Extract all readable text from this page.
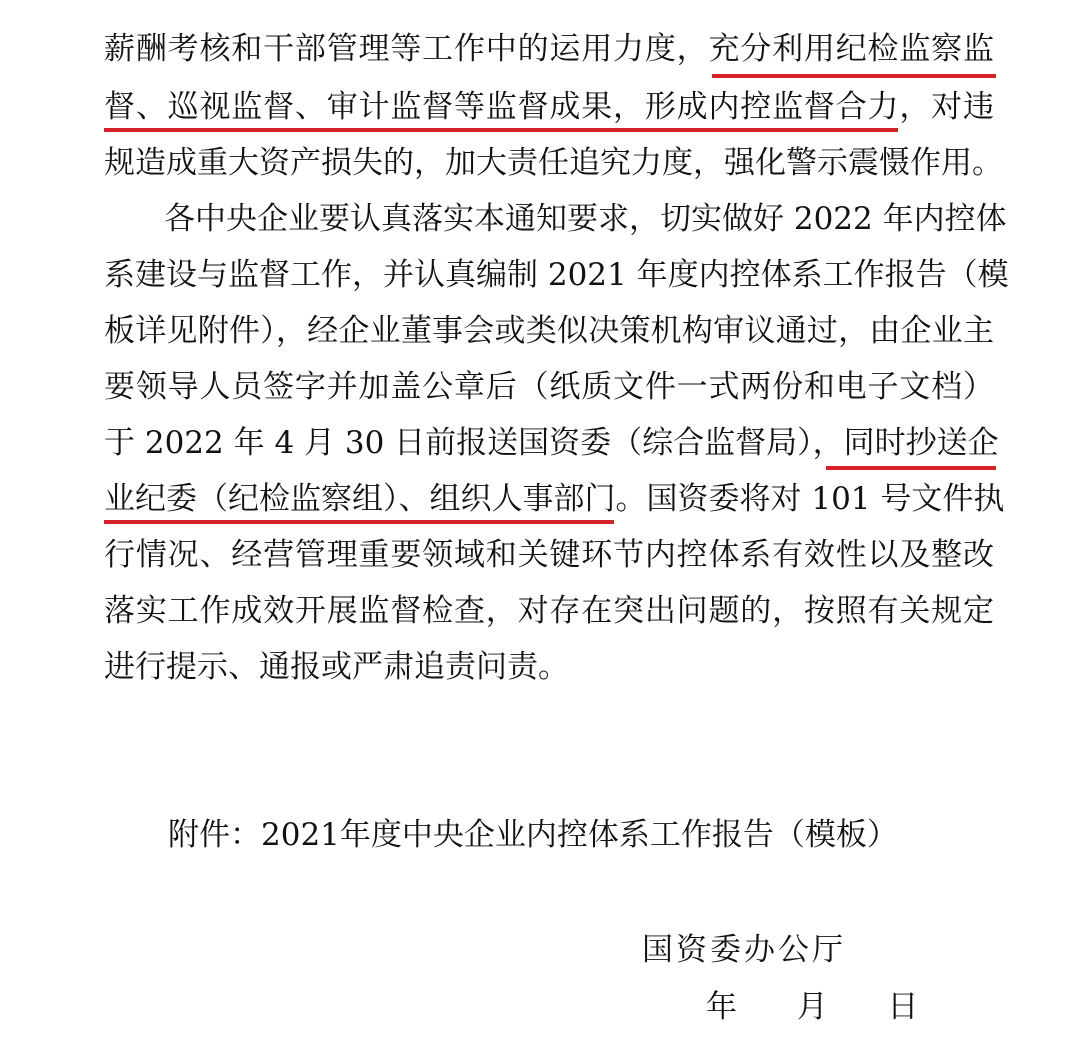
薪酬考核和干部管理等工作中的运用力度，充分利用纪检监察监
督、巡视监督、审计监督等监督成果，形成内控监督合力，对违
规造成重大资产损失的，加大责任追究力度，强化警示震慑作用。
各中央企业要认真落实本通知要求，切实做好 2022 年内控体
系建设与监督工作，并认真编制 2021 年度内控体系工作报告（模
板详见附件），经企业董事会或类似决策机构审议通过，由企业主
要领导人员签字并加盖公章后（纸质文件一式两份和电子文档）
于 2022 年 4 月 30 日前报送国资委（综合监督局），同时抄送企
业纪委（纪检监察组）、组织人事部门。国资委将对 101 号文件执
行情况、经营管理重要领域和关键环节内控体系有效性以及整改
落实工作成效开展监督检查，对存在突出问题的，按照有关规定
进行提示、通报或严肃追责问责。
附件：2021年度中央企业内控体系工作报告（模板）
国资委办公厅
年  月  日
